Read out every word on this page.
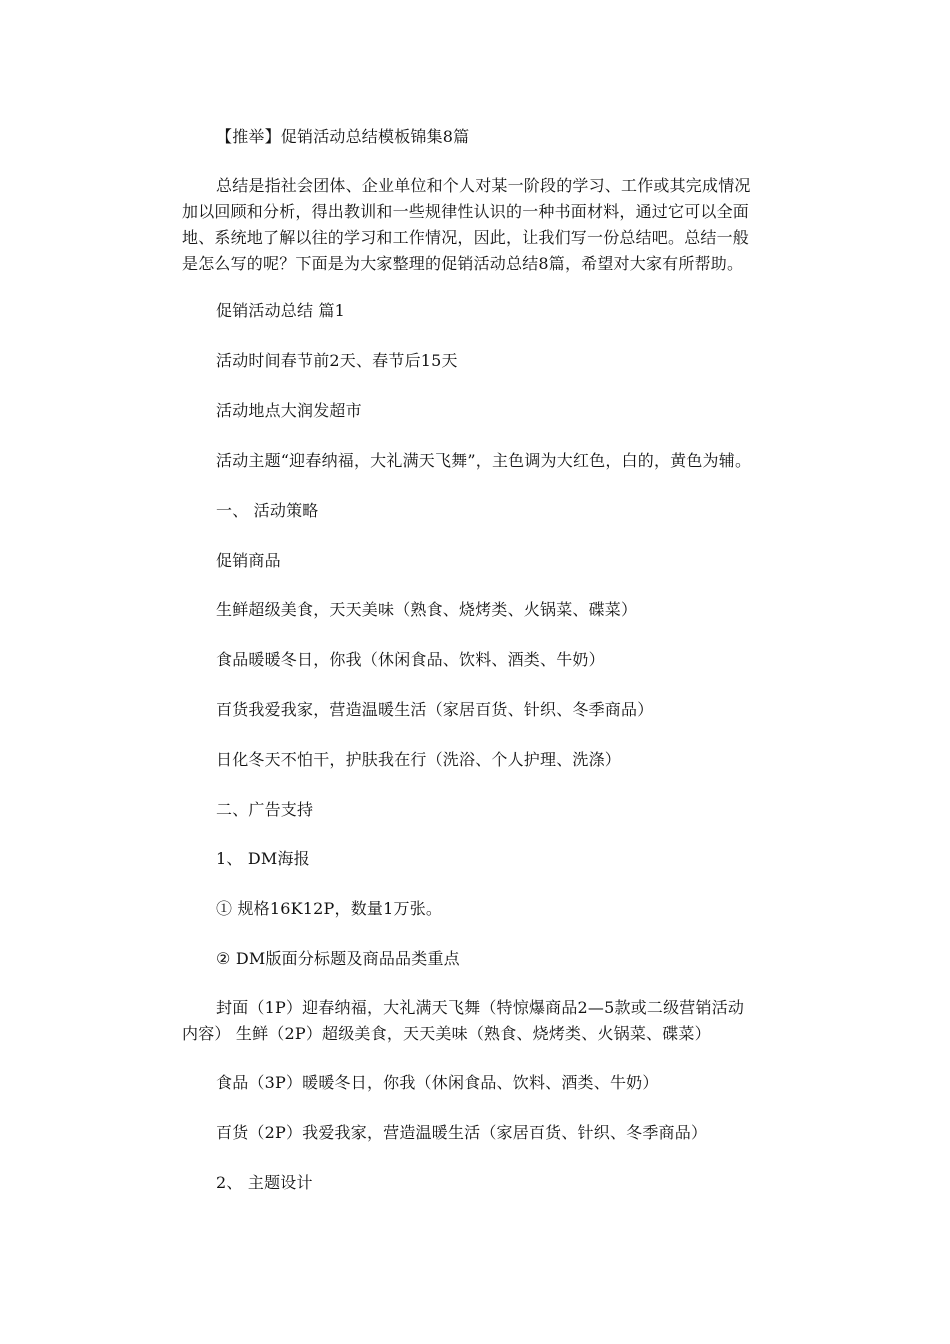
【推举】促销活动总结模板锦集8篇
总结是指社会团体、企业单位和个人对某一阶段的学习、工作或其完成情况
加以回顾和分析，得出教训和一些规律性认识的一种书面材料，通过它可以全面
地、系统地了解以往的学习和工作情况，因此，让我们写一份总结吧。总结一般
是怎么写的呢？下面是为大家整理的促销活动总结8篇，希望对大家有所帮助。
促销活动总结 篇1
活动时间春节前2天、春节后15天
活动地点大润发超市
活动主题“迎春纳福，大礼满天飞舞”，主色调为大红色，白的，黄色为辅。
一、 活动策略
促销商品
生鲜超级美食，天天美味（熟食、烧烤类、火锅菜、碟菜）
食品暖暖冬日，你我（休闲食品、饮料、酒类、牛奶）
百货我爱我家，营造温暖生活（家居百货、针织、冬季商品）
日化冬天不怕干，护肤我在行（洗浴、个人护理、洗涤）
二、广告支持
1、 DM海报
① 规格16K12P，数量1万张。
② DM版面分标题及商品品类重点
封面（1P）迎春纳福，大礼满天飞舞（特惊爆商品2—5款或二级营销活动
内容） 生鲜（2P）超级美食，天天美味（熟食、烧烤类、火锅菜、碟菜）
食品（3P）暖暖冬日，你我（休闲食品、饮料、酒类、牛奶）
百货（2P）我爱我家，营造温暖生活（家居百货、针织、冬季商品）
2、 主题设计
